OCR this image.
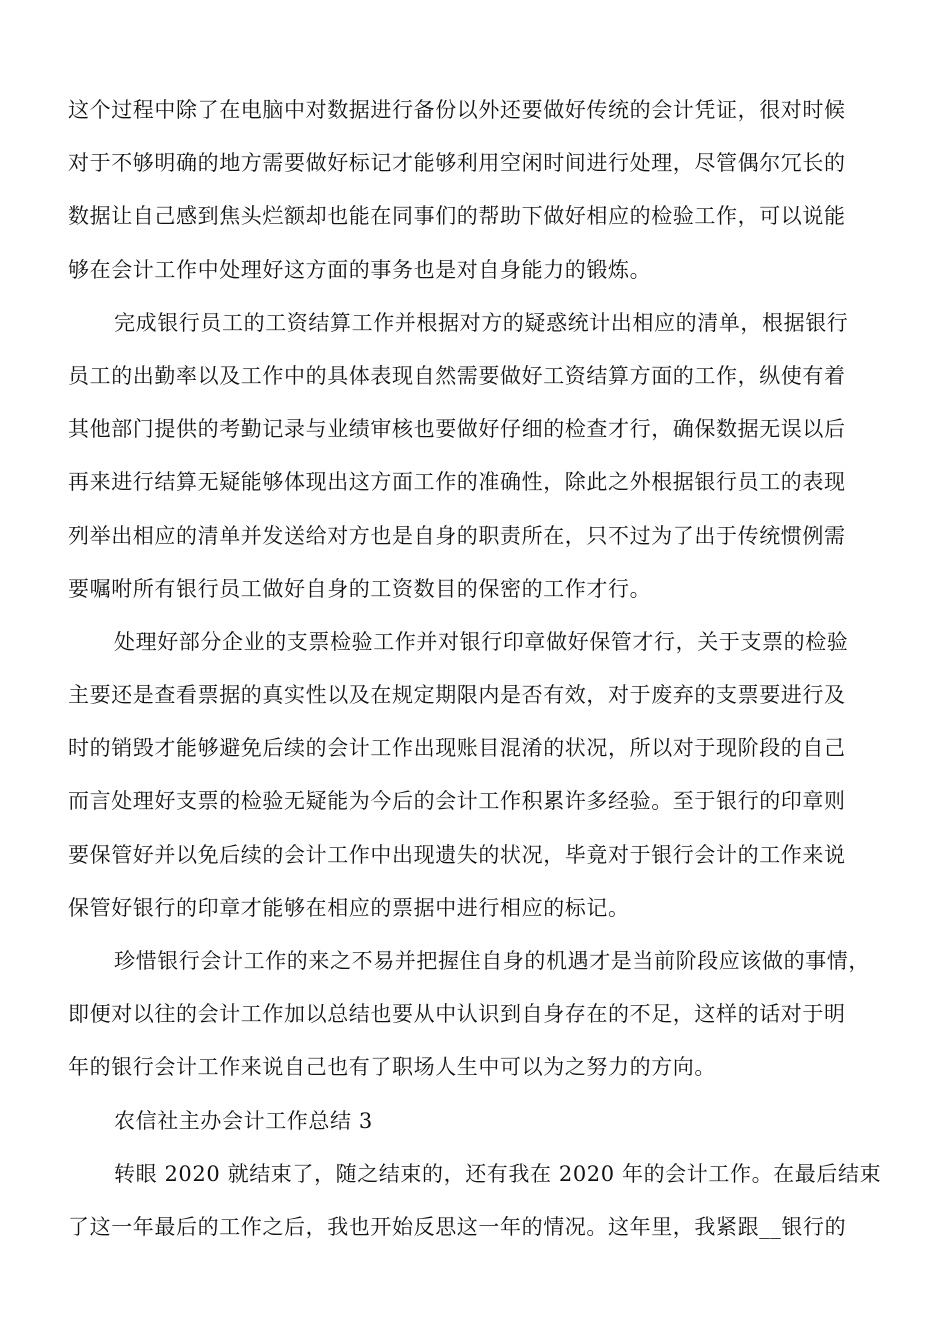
这个过程中除了在电脑中对数据进行备份以外还要做好传统的会计凭证，很对时候
对于不够明确的地方需要做好标记才能够利用空闲时间进行处理，尽管偶尔冗长的
数据让自己感到焦头烂额却也能在同事们的帮助下做好相应的检验工作，可以说能
够在会计工作中处理好这方面的事务也是对自身能力的锻炼。
完成银行员工的工资结算工作并根据对方的疑惑统计出相应的清单，根据银行
员工的出勤率以及工作中的具体表现自然需要做好工资结算方面的工作，纵使有着
其他部门提供的考勤记录与业绩审核也要做好仔细的检查才行，确保数据无误以后
再来进行结算无疑能够体现出这方面工作的准确性，除此之外根据银行员工的表现
列举出相应的清单并发送给对方也是自身的职责所在，只不过为了出于传统惯例需
要嘱咐所有银行员工做好自身的工资数目的保密的工作才行。
处理好部分企业的支票检验工作并对银行印章做好保管才行，关于支票的检验
主要还是查看票据的真实性以及在规定期限内是否有效，对于废弃的支票要进行及
时的销毁才能够避免后续的会计工作出现账目混淆的状况，所以对于现阶段的自己
而言处理好支票的检验无疑能为今后的会计工作积累许多经验。至于银行的印章则
要保管好并以免后续的会计工作中出现遗失的状况，毕竟对于银行会计的工作来说
保管好银行的印章才能够在相应的票据中进行相应的标记。
珍惜银行会计工作的来之不易并把握住自身的机遇才是当前阶段应该做的事情，
即便对以往的会计工作加以总结也要从中认识到自身存在的不足，这样的话对于明
年的银行会计工作来说自己也有了职场人生中可以为之努力的方向。
农信社主办会计工作总结 3
转眼 2020 就结束了，随之结束的，还有我在 2020 年的会计工作。在最后结束
了这一年最后的工作之后，我也开始反思这一年的情况。这年里，我紧跟__银行的
